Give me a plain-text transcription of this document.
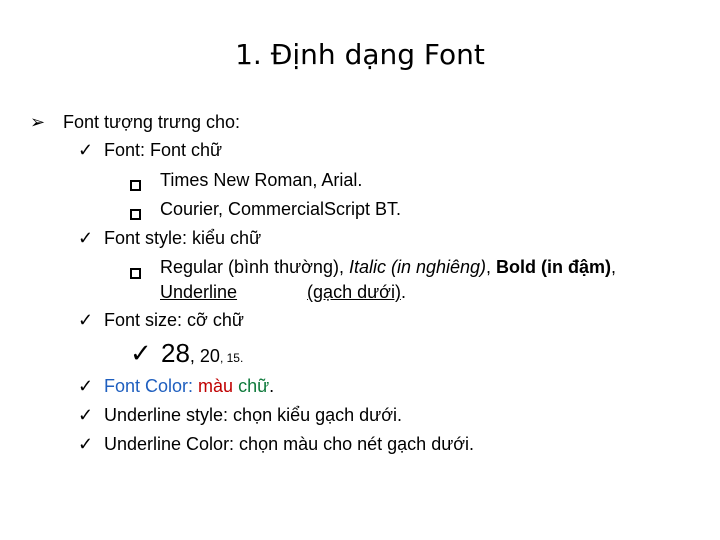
1. Định dạng Font
➢ Font tượng trưng cho:
✓ Font: Font chữ
Times New Roman, Arial.
Courier, CommercialScript BT.
✓ Font style: kiểu chữ
Regular (bình thường), Italic (in nghiêng), Bold (in đậm),
Underline	(gạch dưới).
✓ Font size: cỡ chữ
✓ 28, 20, 15.
✓ Font Color: màu chữ.
✓ Underline style: chọn kiểu gạch dưới.
✓ Underline Color: chọn màu cho nét gạch dưới.
